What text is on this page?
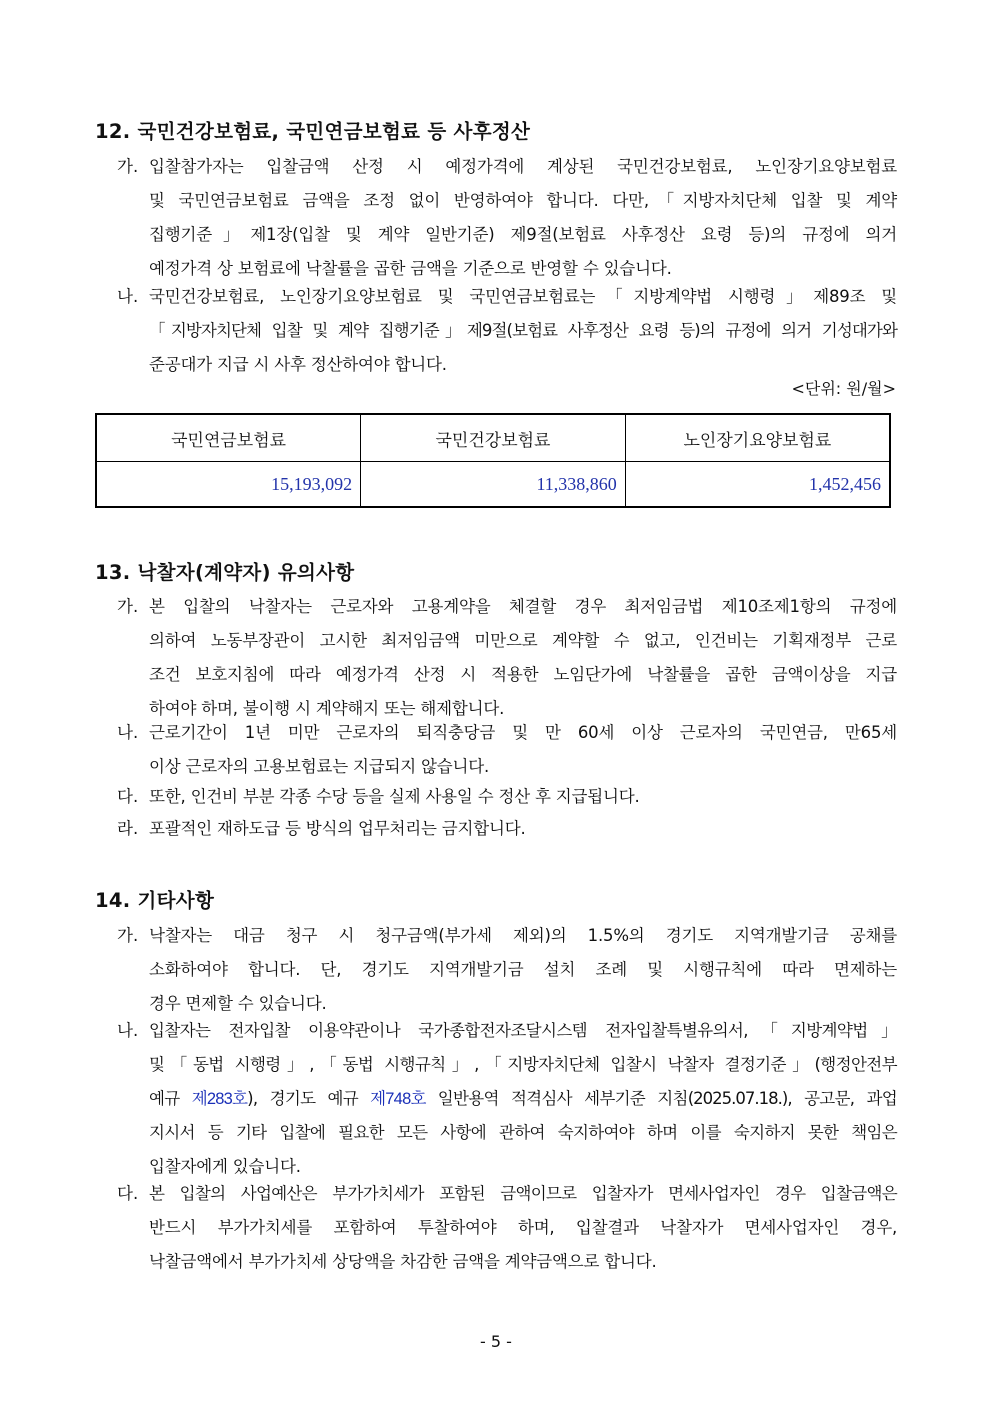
12. 국민건강보험료, 국민연금보험료 등 사후정산
가. 입찰참가자는 입찰금액 산정 시 예정가격에 계상된 국민건강보험료, 노인장기요양보험료
및 국민연금보험료 금액을 조정 없이 반영하여야 합니다. 다만,「지방자치단체 입찰 및 계약
집행기준」제1장(입찰 및 계약 일반기준) 제9절(보험료 사후정산 요령 등)의 규정에 의거
예정가격 상 보험료에 낙찰률을 곱한 금액을 기준으로 반영할 수 있습니다.
나. 국민건강보험료, 노인장기요양보험료 및 국민연금보험료는「지방계약법 시행령」제89조 및
「지방자치단체 입찰 및 계약 집행기준」제9절(보험료 사후정산 요령 등)의 규정에 의거 기성대가와
준공대가 지급 시 사후 정산하여야 합니다.
<단위: 원/월>
국민연금보험료	국민건강보험료	노인장기요양보험료
15,193,092	11,338,860	1,452,456
13. 낙찰자(계약자) 유의사항
가. 본 입찰의 낙찰자는 근로자와 고용계약을 체결할 경우 최저임금법 제10조제1항의 규정에
의하여 노동부장관이 고시한 최저임금액 미만으로 계약할 수 없고, 인건비는 기획재정부 근로
조건 보호지침에 따라 예정가격 산정 시 적용한 노임단가에 낙찰률을 곱한 금액이상을 지급
하여야 하며, 불이행 시 계약해지 또는 해제합니다.
나. 근로기간이 1년 미만 근로자의 퇴직충당금 및 만 60세 이상 근로자의 국민연금, 만65세
이상 근로자의 고용보험료는 지급되지 않습니다.
다. 또한, 인건비 부분 각종 수당 등을 실제 사용일 수 정산 후 지급됩니다.
라. 포괄적인 재하도급 등 방식의 업무처리는 금지합니다.
14. 기타사항
가. 낙찰자는 대금 청구 시 청구금액(부가세 제외)의 1.5%의 경기도 지역개발기금 공채를
소화하여야 합니다. 단, 경기도 지역개발기금 설치 조례 및 시행규칙에 따라 면제하는
경우 면제할 수 있습니다.
나. 입찰자는 전자입찰 이용약관이나 국가종합전자조달시스템 전자입찰특별유의서,「지방계약법」
및「동법 시행령」,「동법 시행규칙」,「지방자치단체 입찰시 낙찰자 결정기준」(행정안전부
예규 제283호), 경기도 예규 제748호 일반용역 적격심사 세부기준 지침(2025.07.18.), 공고문, 과업
지시서 등 기타 입찰에 필요한 모든 사항에 관하여 숙지하여야 하며 이를 숙지하지 못한 책임은
입찰자에게 있습니다.
다. 본 입찰의 사업예산은 부가가치세가 포함된 금액이므로 입찰자가 면세사업자인 경우 입찰금액은
반드시 부가가치세를 포함하여 투찰하여야 하며, 입찰결과 낙찰자가 면세사업자인 경우,
낙찰금액에서 부가가치세 상당액을 차감한 금액을 계약금액으로 합니다.
- 5 -
